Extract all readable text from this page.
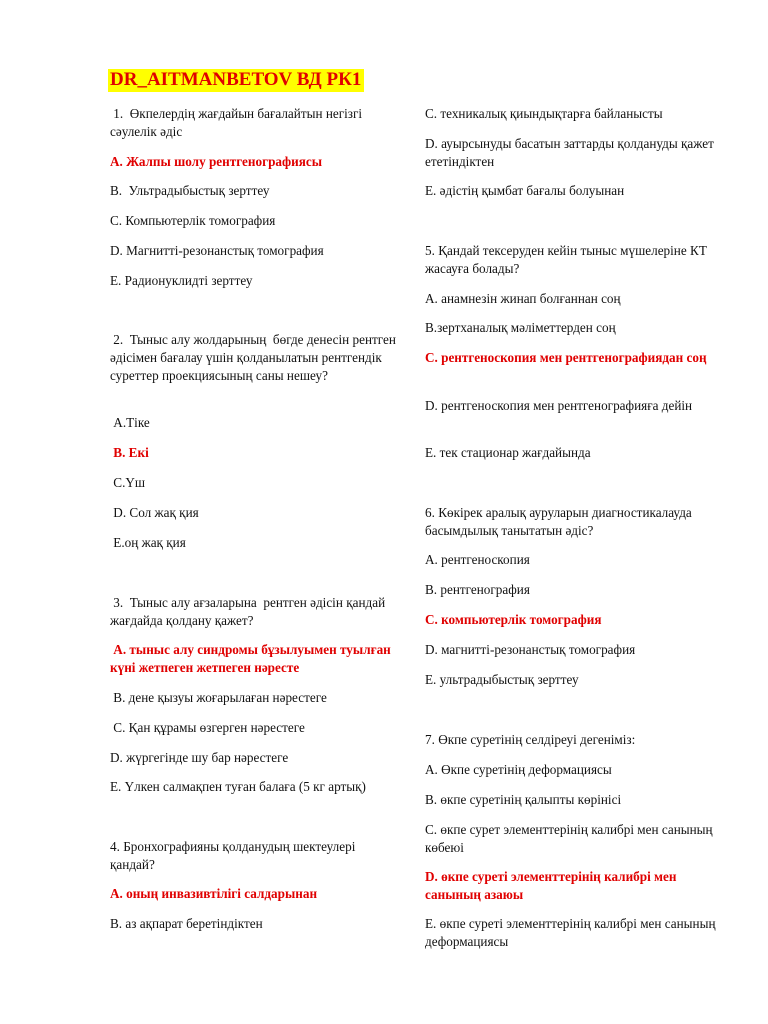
DR_AITMANBETOV ВД РК1
1.  Өкпелердің жағдайын бағалайтын негізгі сәулелік әдіс
A. Жалпы шолу рентгенографиясы
B.  Ультрадыбыстық зерттеу
C. Компьютерлік томография
D. Магнитті-резонанстық томография
E. Радионуклидті зерттеу
2.  Тыныс алу жолдарының  бөгде денесін рентген әдісімен бағалау үшін қолданылатын рентгендік суреттер проекциясының саны нешеу?
A.Тіке
B. Екі
C.Үш
D. Сол жақ қия
E.оң жақ қия
3.  Тыныс алу ағзаларына  рентген әдісін қандай жағдайда қолдану қажет?
A. тыныс алу синдромы бұзылуымен туылған күні жетпеген жетпеген нәресте
B. дене қызуы жоғарылаған нәрестеге
C. Қан құрамы өзгерген нәрестеге
D. жүргегінде шу бар нәрестеге
E. Үлкен салмақпен туған балаға (5 кг артық)
4. Бронхографияны қолданудың шектеулері қандай?
A. оның инвазивтілігі салдарынан
B. аз ақпарат беретіндіктен
C. техникалық қиындықтарға байланысты
D. ауырсынуды басатын заттарды қолдануды қажет ететіндіктен
E. әдістің қымбат бағалы болуынан
5. Қандай тексеруден кейін тыныс мүшелеріне КТ жасауға болады?
A. анамнезін жинап болғаннан соң
B.зертханалық мәліметтерден соң
C. рентгеноскопия мен рентгенографиядан соң
D. рентгеноскопия мен рентгенографияға дейін
E. тек стационар жағдайында
6. Көкірек аралық ауруларын диагностикалауда басымдылық танытатын әдіс?
A. рентгеноскопия
B. рентгенография
C. компьютерлік томография
D. магнитті-резонанстық томография
E. ультрадыбыстық зерттеу
7. Өкпе суретінің селдіреуі дегеніміз:
A. Өкпе суретінің деформациясы
B. өкпе суретінің қалыпты көрінісі
C. өкпе сурет элементтерінің калибрі мен санының көбеюі
D. өкпе суреті элементтерінің калибрі мен санының азаюы
E. өкпе суреті элементтерінің калибрі мен санының деформациясы
